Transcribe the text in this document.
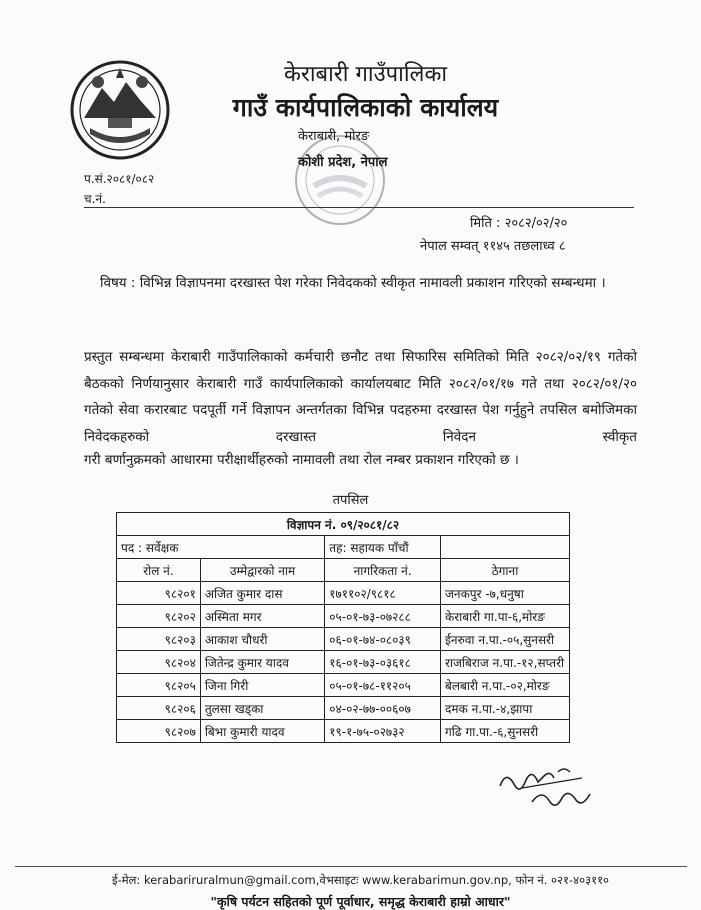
केराबारी गाउँपालिका
गाउँ कार्यपालिकाको कार्यालय
केराबारी, मोरङ
कोशी प्रदेश, नेपाल
प.सं.२०८१/०८२
च.नं.
मिति : २०८२/०२/२०
नेपाल सम्वत् ११४५ तछलाध्व ८
विषय : विभिन्न विज्ञापनमा दरखास्त पेश गरेका निवेदकको स्वीकृत नामावली प्रकाशन गरिएको सम्बन्धमा ।
प्रस्तुत सम्बन्धमा केराबारी गाउँपालिकाको कर्मचारी छनौट तथा सिफारिस समितिको मिति २०८२/०२/१९ गतेको बैठकको निर्णयानुसार केराबारी गाउँ कार्यपालिकाको कार्यालयबाट मिति २०८२/०१/१७ गते तथा २०८२/०१/२० गतेको सेवा करारबाट पदपूर्ती गर्ने विज्ञापन अन्तर्गतका विभिन्न पदहरुमा दरखास्त पेश गर्नुहुने तपसिल बमोजिमका निवेदकहरुको दरखास्त निवेदन स्वीकृत
गरी बर्णानुक्रमको आधारमा परीक्षार्थीहरुको नामावली तथा रोल नम्बर प्रकाशन गरिएको छ ।
तपसिल
विज्ञापन नं. ०९/२०८१/८२			
पद : सर्वेक्षक		तह: सहायक पाँचौं	
रोल नं.	उम्मेद्वारको नाम	नागरिकता नं.	ठेगाना
९८२०१	अजित कुमार दास	१७११०२/९८१८	जनकपुर -७,धनुषा
९८२०२	अस्मिता मगर	०५-०१-७३-०७२८८	केराबारी गा.पा-६,मोरङ
९८२०३	आकाश चौधरी	०६-०१-७४-०८०३९	ईनरुवा न.पा.-०५,सुनसरी
९८२०४	जितेन्द्र कुमार यादव	१६-०१-७३-०३६१८	राजबिराज न.पा.-१२,सप्तरी
९८२०५	जिना गिरी	०५-०१-७८-११२०५	बेलबारी न.पा.-०२,मोरङ
९८२०६	तुलसा खड्का	०४-०२-७७-००६०७	दमक न.पा.-४,झापा
९८२०७	बिभा कुमारी यादव	१९-१-७५-०२७३२	गढि गा.पा.-६,सुनसरी
ई-मेल: kerabariruralmun@gmail.com,वेभसाइटः www.kerabarimun.gov.np, फोन नं. ०२१-४०३११०
"कृषि पर्यटन सहितको पूर्ण पूर्वाधार, समृद्ध केराबारी हाम्रो आधार"
